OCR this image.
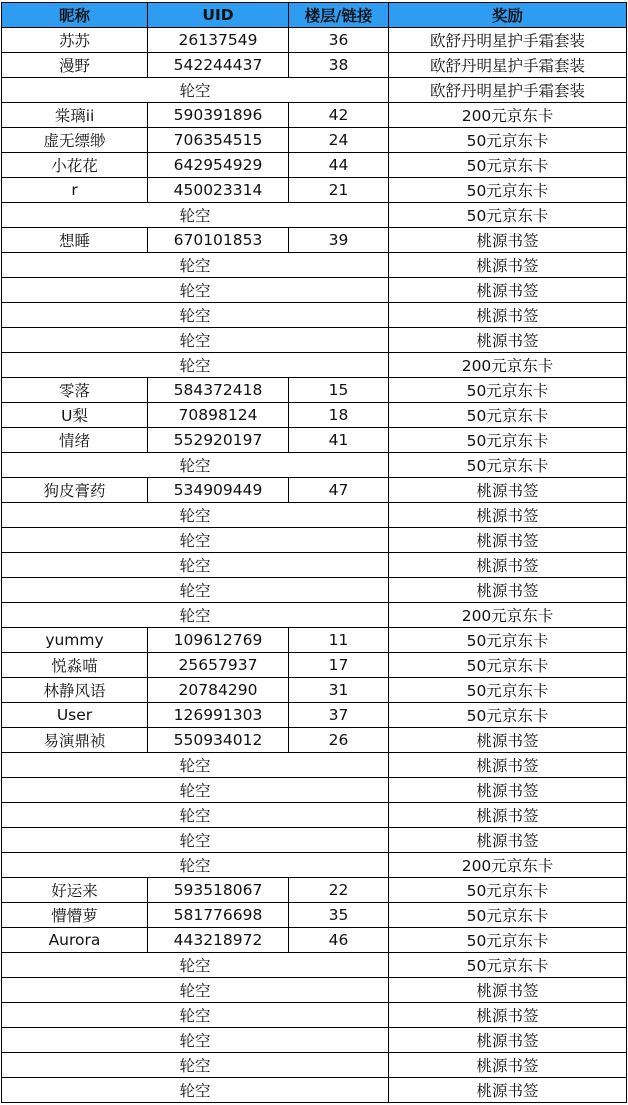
昵称	UID	楼层/链接	奖励
苏苏	26137549	36	欧舒丹明星护手霜套装
漫野	542244437	38	欧舒丹明星护手霜套装
轮空			欧舒丹明星护手霜套装
棠璃ii	590391896	42	200元京东卡
虚无缥缈	706354515	24	50元京东卡
小花花	642954929	44	50元京东卡
r	450023314	21	50元京东卡
轮空			50元京东卡
想睡	670101853	39	桃源书签
轮空			桃源书签
轮空			桃源书签
轮空			桃源书签
轮空			桃源书签
轮空			200元京东卡
零落	584372418	15	50元京东卡
U梨	70898124	18	50元京东卡
情绪	552920197	41	50元京东卡
轮空			50元京东卡
狗皮膏药	534909449	47	桃源书签
轮空			桃源书签
轮空			桃源书签
轮空			桃源书签
轮空			桃源书签
轮空			200元京东卡
yummy	109612769	11	50元京东卡
悦淼喵	25657937	17	50元京东卡
林静风语	20784290	31	50元京东卡
User	126991303	37	50元京东卡
易演鼎祯	550934012	26	桃源书签
轮空			桃源书签
轮空			桃源书签
轮空			桃源书签
轮空			桃源书签
轮空			200元京东卡
好运来	593518067	22	50元京东卡
懵懵萝	581776698	35	50元京东卡
Aurora	443218972	46	50元京东卡
轮空			50元京东卡
轮空			桃源书签
轮空			桃源书签
轮空			桃源书签
轮空			桃源书签
轮空			桃源书签
